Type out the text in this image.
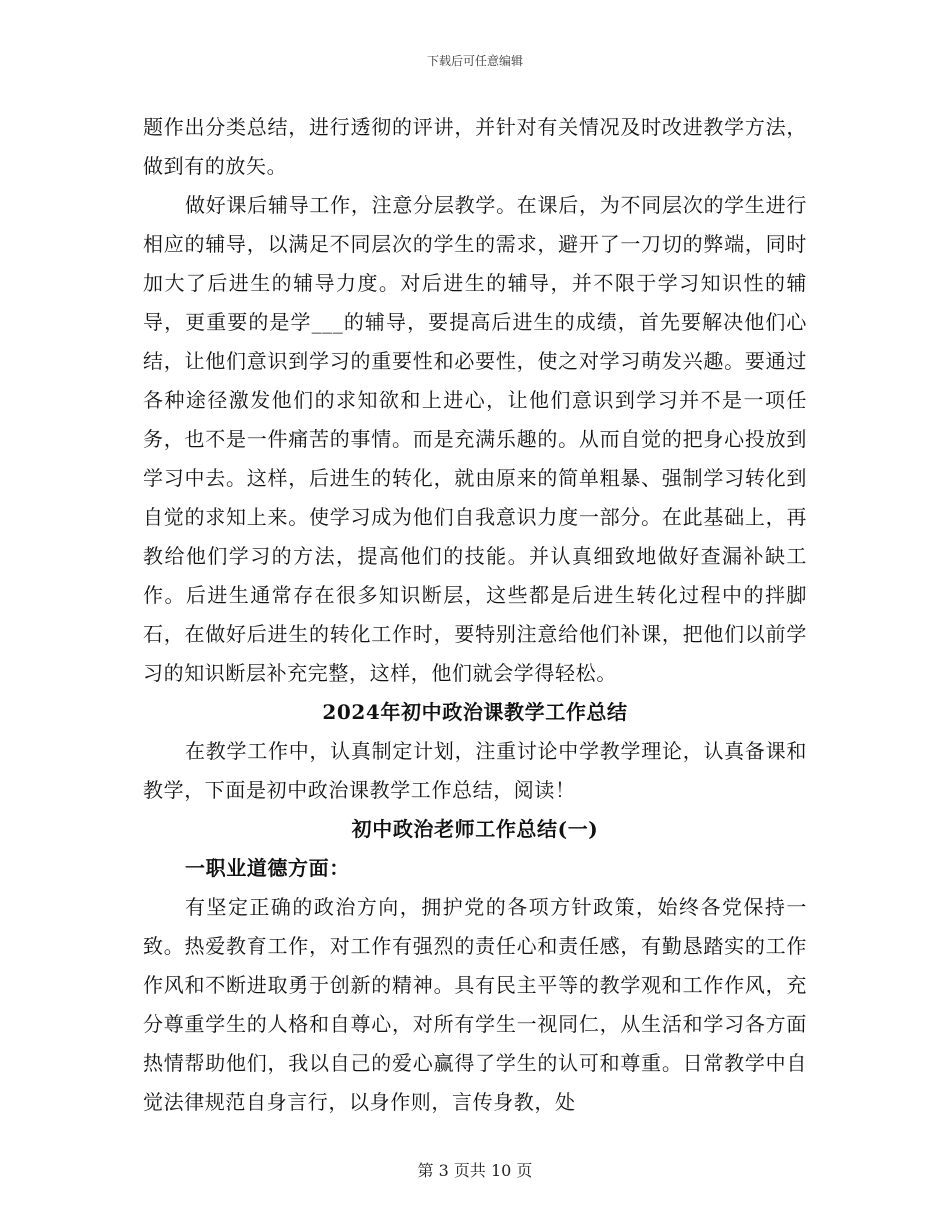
下载后可任意编辑

题作出分类总结，进行透彻的评讲，并针对有关情况及时改进教学方法，做到有的放矢。

做好课后辅导工作，注意分层教学。在课后，为不同层次的学生进行相应的辅导，以满足不同层次的学生的需求，避开了一刀切的弊端，同时加大了后进生的辅导力度。对后进生的辅导，并不限于学习知识性的辅导，更重要的是学___的辅导，要提高后进生的成绩，首先要解决他们心结，让他们意识到学习的重要性和必要性，使之对学习萌发兴趣。要通过各种途径激发他们的求知欲和上进心，让他们意识到学习并不是一项任务，也不是一件痛苦的事情。而是充满乐趣的。从而自觉的把身心投放到学习中去。这样，后进生的转化，就由原来的简单粗暴、强制学习转化到自觉的求知上来。使学习成为他们自我意识力度一部分。在此基础上，再教给他们学习的方法，提高他们的技能。并认真细致地做好查漏补缺工作。后进生通常存在很多知识断层，这些都是后进生转化过程中的拌脚石，在做好后进生的转化工作时，要特别注意给他们补课，把他们以前学习的知识断层补充完整，这样，他们就会学得轻松。

2024年初中政治课教学工作总结

在教学工作中，认真制定计划，注重讨论中学教学理论，认真备课和教学，下面是初中政治课教学工作总结，阅读！

初中政治老师工作总结(一)

一职业道德方面：

有坚定正确的政治方向，拥护党的各项方针政策，始终各党保持一致。热爱教育工作，对工作有强烈的责任心和责任感，有勤恳踏实的工作作风和不断进取勇于创新的精神。具有民主平等的教学观和工作作风，充分尊重学生的人格和自尊心，对所有学生一视同仁，从生活和学习各方面热情帮助他们，我以自己的爱心赢得了学生的认可和尊重。日常教学中自觉法律规范自身言行，以身作则，言传身教，处

第 3 页共 10 页
